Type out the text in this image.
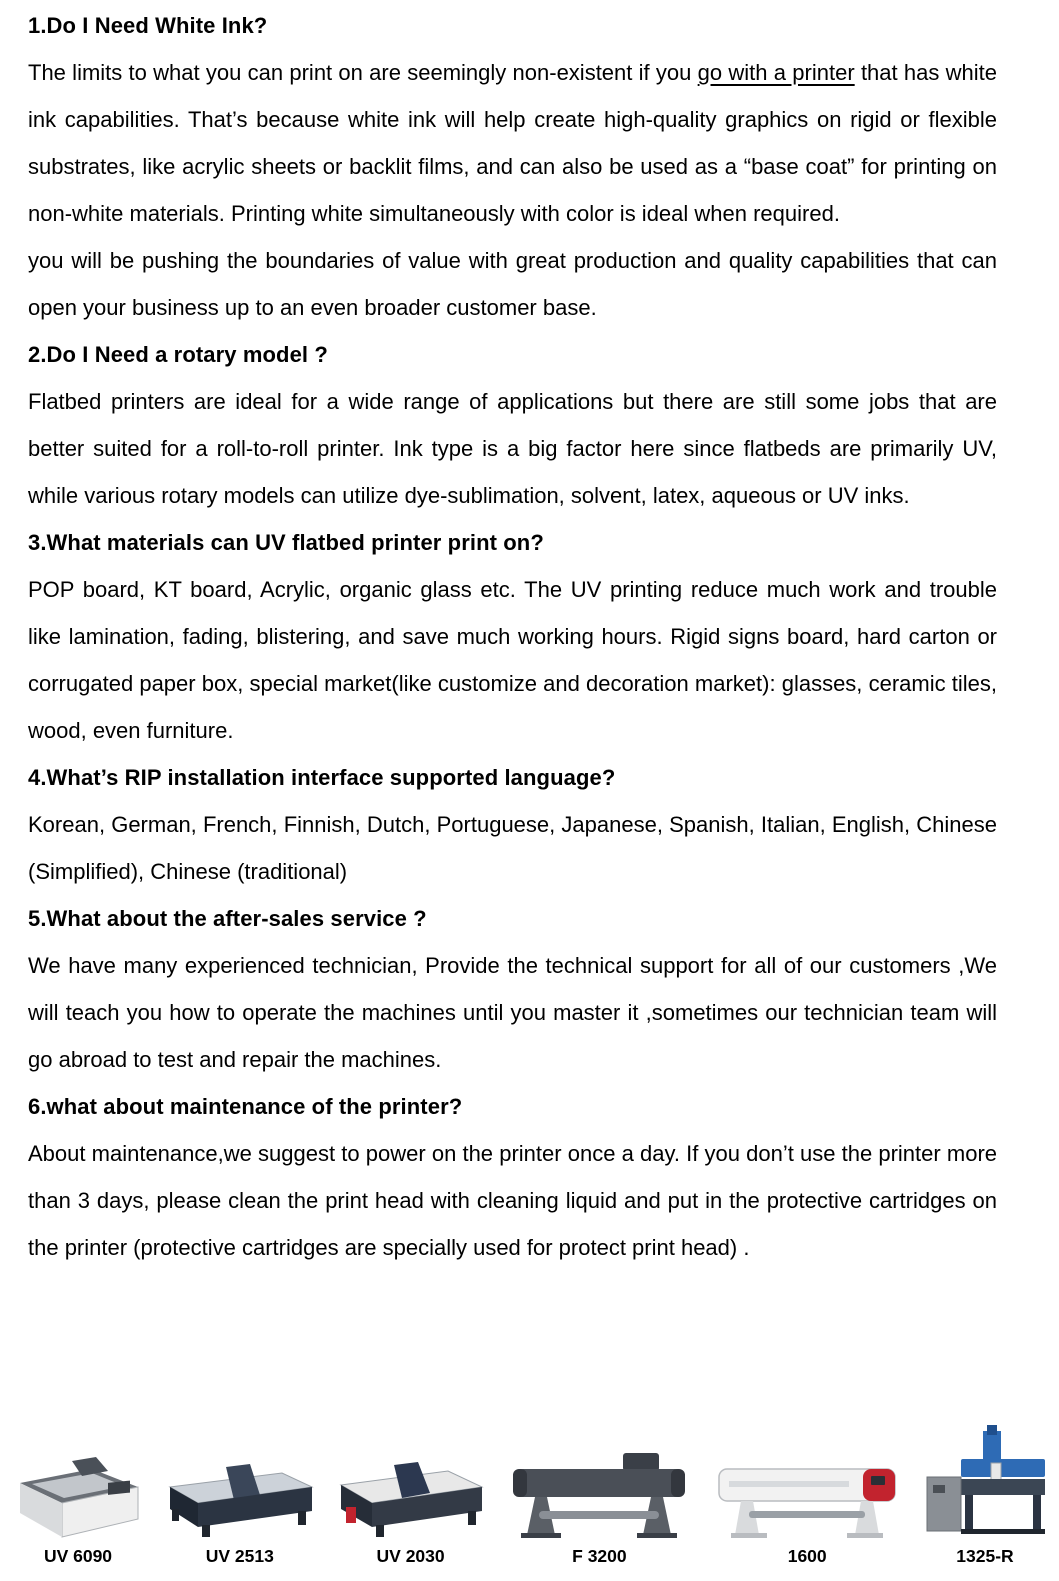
1.Do I Need White Ink?

The limits to what you can print on are seemingly non-existent if you go with a printer that has white ink capabilities. That’s because white ink will help create high-quality graphics on rigid or flexible substrates, like acrylic sheets or backlit films, and can also be used as a “base coat” for printing on non-white materials. Printing white simultaneously with color is ideal when required.

you will be pushing the boundaries of value with great production and quality capabilities that can open your business up to an even broader customer base.

2.Do I Need a rotary model ?

Flatbed printers are ideal for a wide range of applications but there are still some jobs that are better suited for a roll-to-roll printer. Ink type is a big factor here since flatbeds are primarily UV, while various rotary models can utilize dye-sublimation, solvent, latex, aqueous or UV inks.

3.What materials can UV flatbed printer print on?

POP board, KT board, Acrylic, organic glass etc. The UV printing reduce much work and trouble like lamination, fading, blistering, and save much working hours. Rigid signs board, hard carton or corrugated paper box, special market(like customize and decoration market): glasses, ceramic tiles, wood, even furniture.

4.What’s RIP installation interface supported language?

Korean, German, French, Finnish, Dutch, Portuguese, Japanese, Spanish, Italian, English, Chinese (Simplified), Chinese (traditional)

5.What about the after-sales service ?

We have many experienced technician, Provide the technical support for all of our customers ,We will teach you how to operate the machines until you master it ,sometimes our technician team will go abroad to test and repair the machines.

6.what about maintenance of the printer?

About maintenance,we suggest to power on the printer once a day. If you don’t use the printer more than 3 days, please clean the print head with cleaning liquid and put in the protective cartridges on the printer (protective cartridges are specially used for protect print head) .

UV 6090	UV 2513	UV 2030	F 3200	1600	1325-R
